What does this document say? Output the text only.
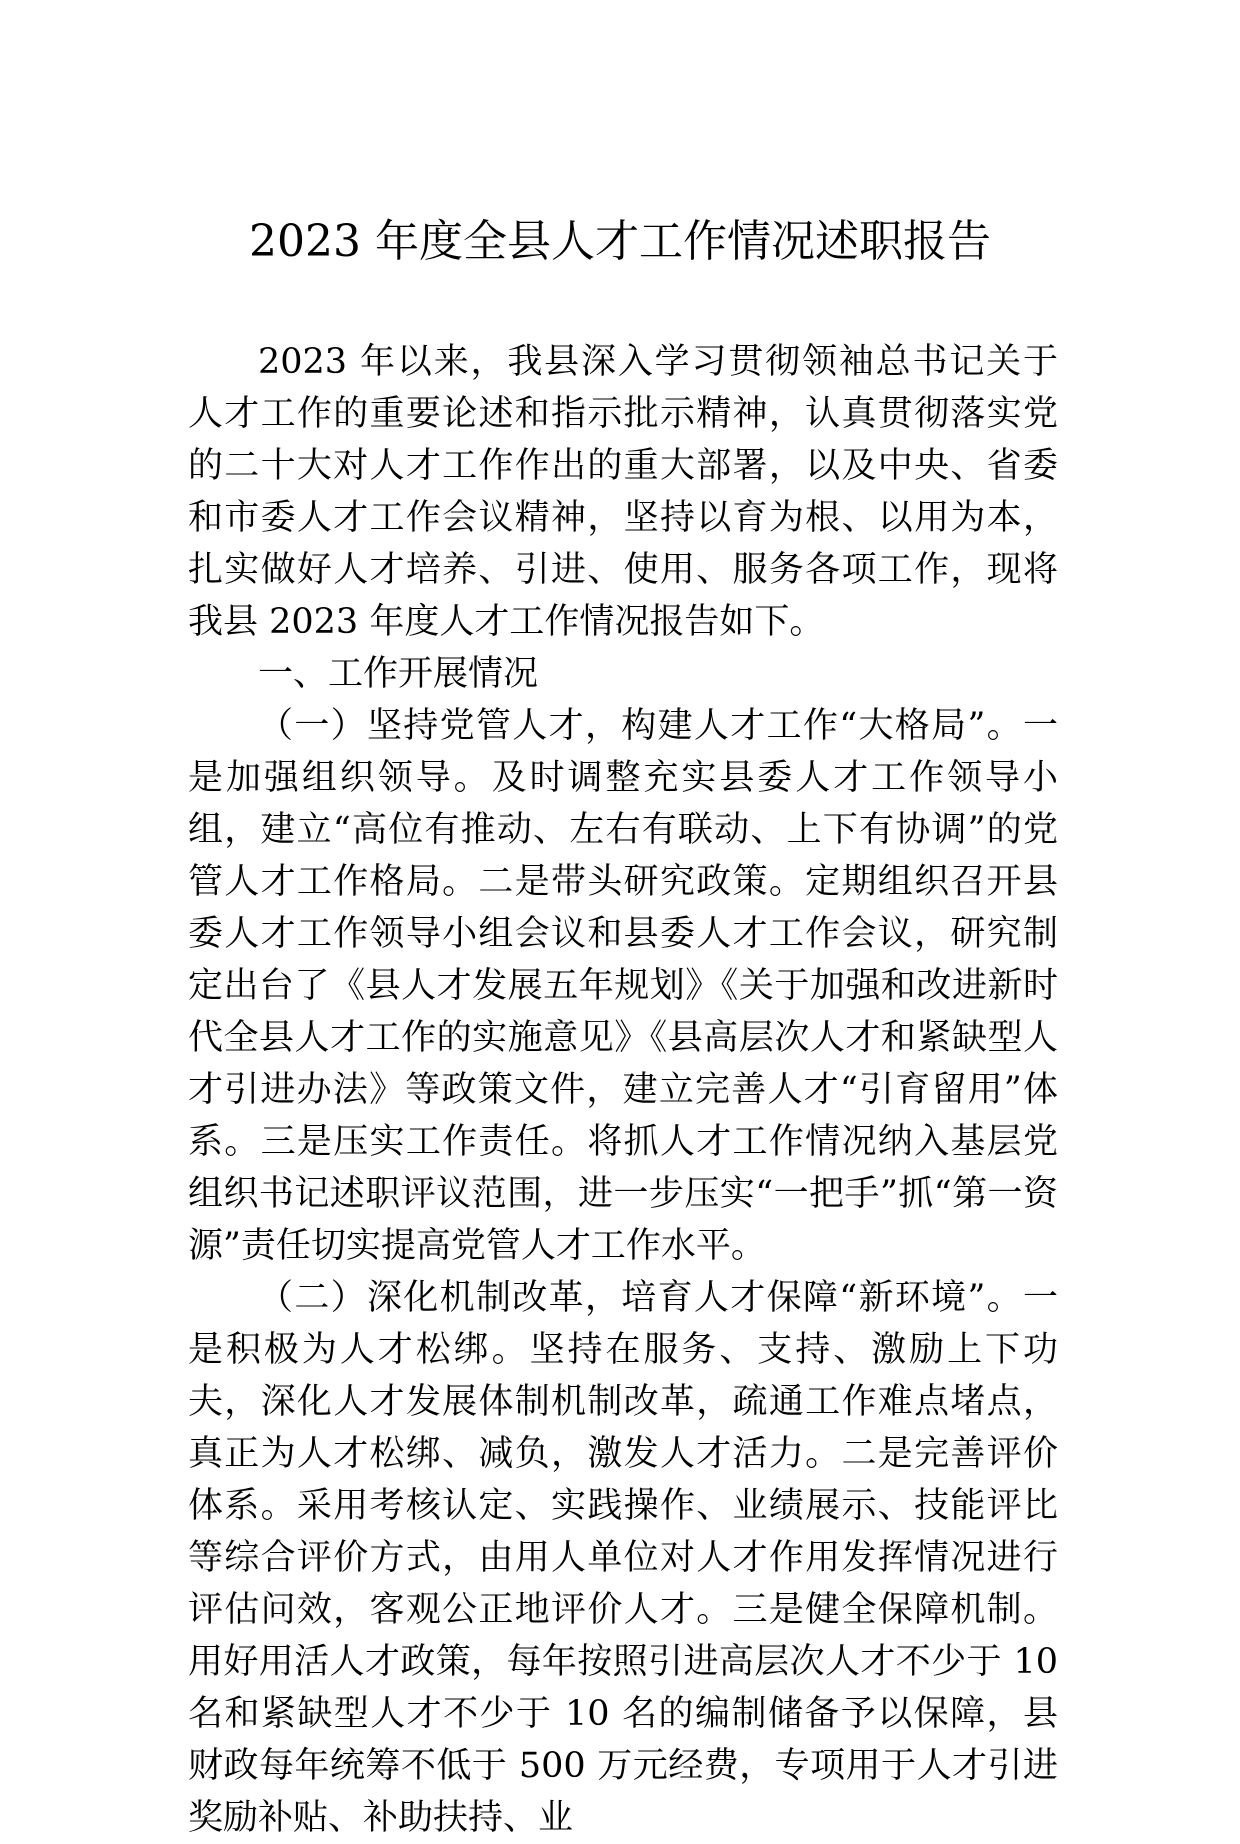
2023 年度全县人才工作情况述职报告

2023 年以来，我县深入学习贯彻领袖总书记关于人才工作的重要论述和指示批示精神，认真贯彻落实党的二十大对人才工作作出的重大部署，以及中央、省委和市委人才工作会议精神，坚持以育为根、以用为本，扎实做好人才培养、引进、使用、服务各项工作，现将我县 2023 年度人才工作情况报告如下。

一、工作开展情况

（一）坚持党管人才，构建人才工作“大格局”。一是加强组织领导。及时调整充实县委人才工作领导小组，建立“高位有推动、左右有联动、上下有协调”的党管人才工作格局。二是带头研究政策。定期组织召开县委人才工作领导小组会议和县委人才工作会议，研究制定出台了《县人才发展五年规划》《关于加强和改进新时代全县人才工作的实施意见》《县高层次人才和紧缺型人才引进办法》等政策文件，建立完善人才“引育留用”体系。三是压实工作责任。将抓人才工作情况纳入基层党组织书记述职评议范围，进一步压实“一把手”抓“第一资源”责任切实提高党管人才工作水平。

（二）深化机制改革，培育人才保障“新环境”。一是积极为人才松绑。坚持在服务、支持、激励上下功夫，深化人才发展体制机制改革，疏通工作难点堵点，真正为人才松绑、减负，激发人才活力。二是完善评价体系。采用考核认定、实践操作、业绩展示、技能评比等综合评价方式，由用人单位对人才作用发挥情况进行评估问效，客观公正地评价人才。三是健全保障机制。用好用活人才政策，每年按照引进高层次人才不少于 10 名和紧缺型人才不少于 10 名的编制储备予以保障，县财政每年统筹不低于 500 万元经费，专项用于人才引进奖励补贴、补助扶持、业
